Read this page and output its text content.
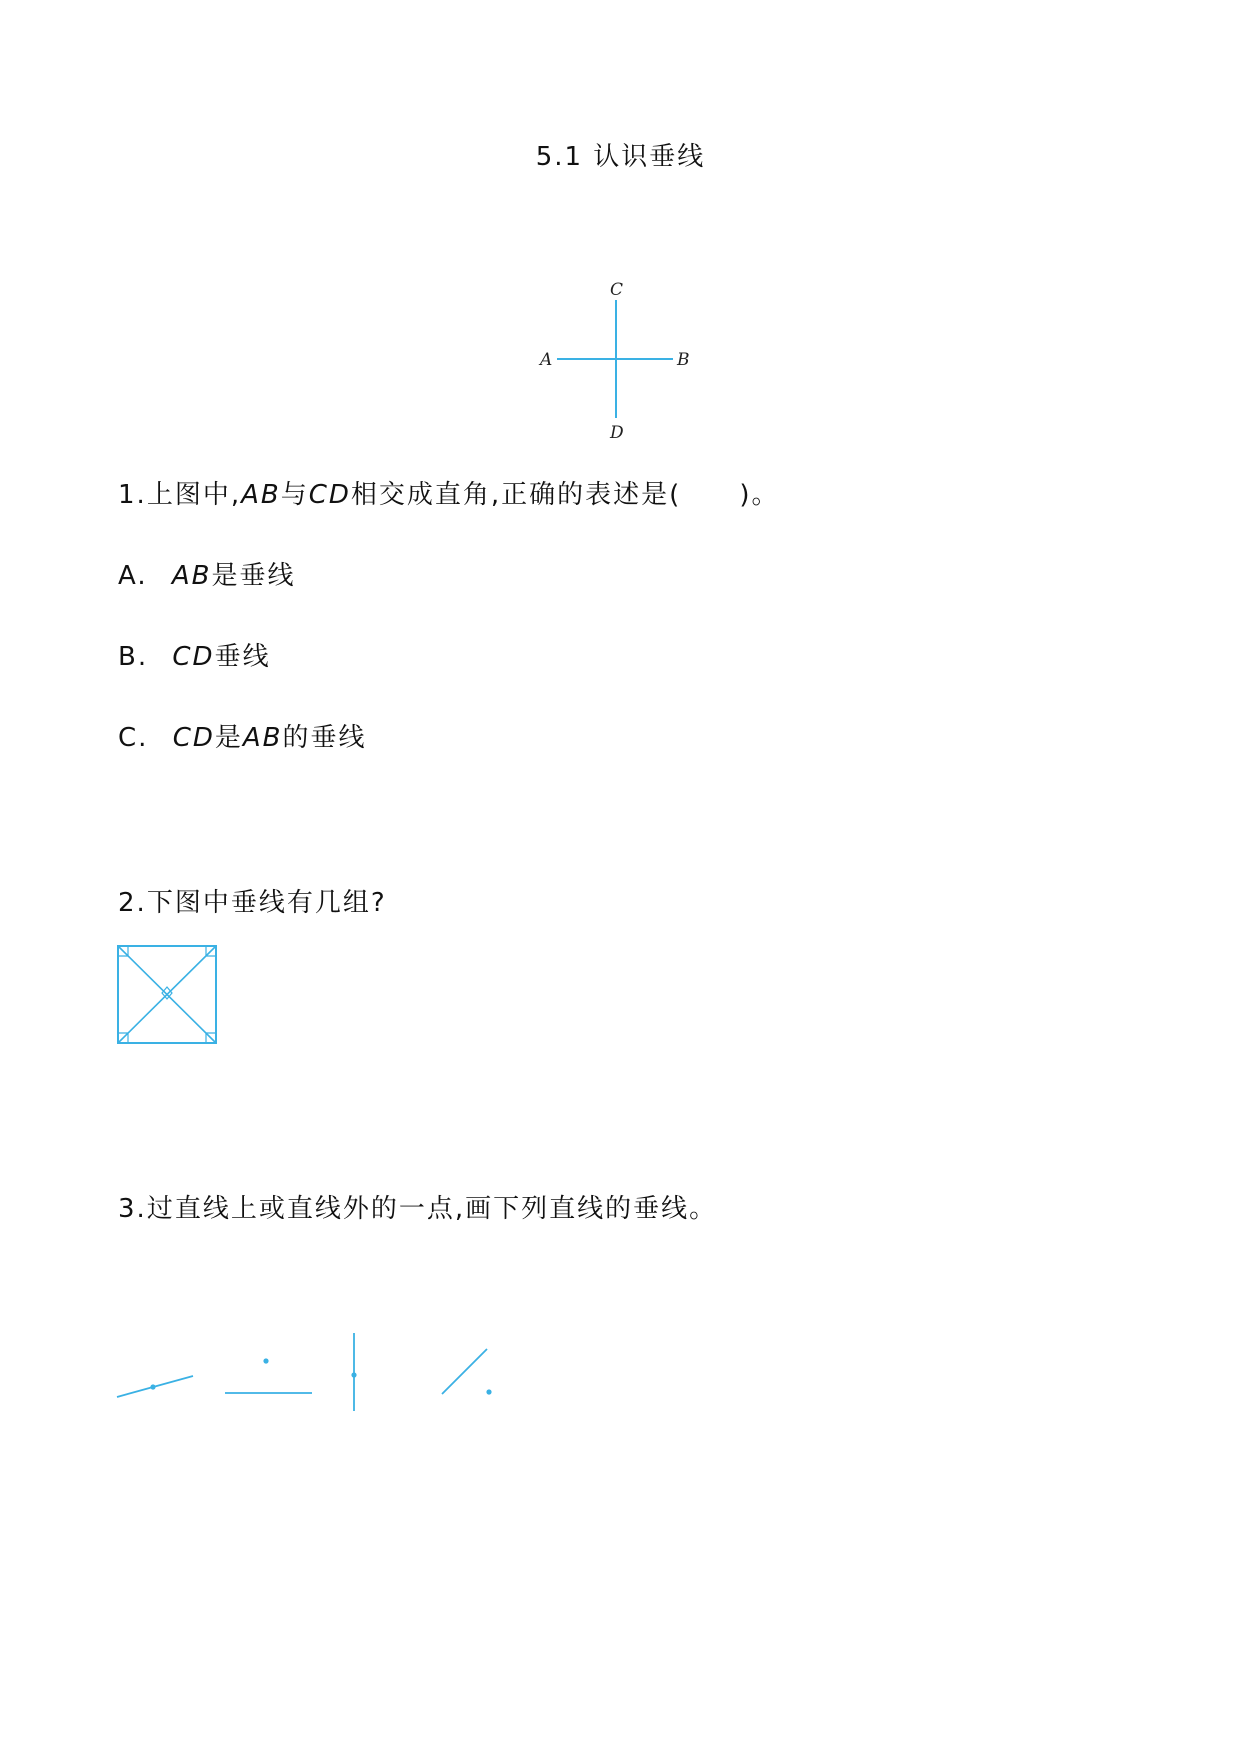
5.1 认识垂线
C
A	B
D
1.上图中,AB与CD相交成直角,正确的表述是( )。
A. AB是垂线
B. CD垂线
C. CD是AB的垂线
2.下图中垂线有几组?
3.过直线上或直线外的一点,画下列直线的垂线。
